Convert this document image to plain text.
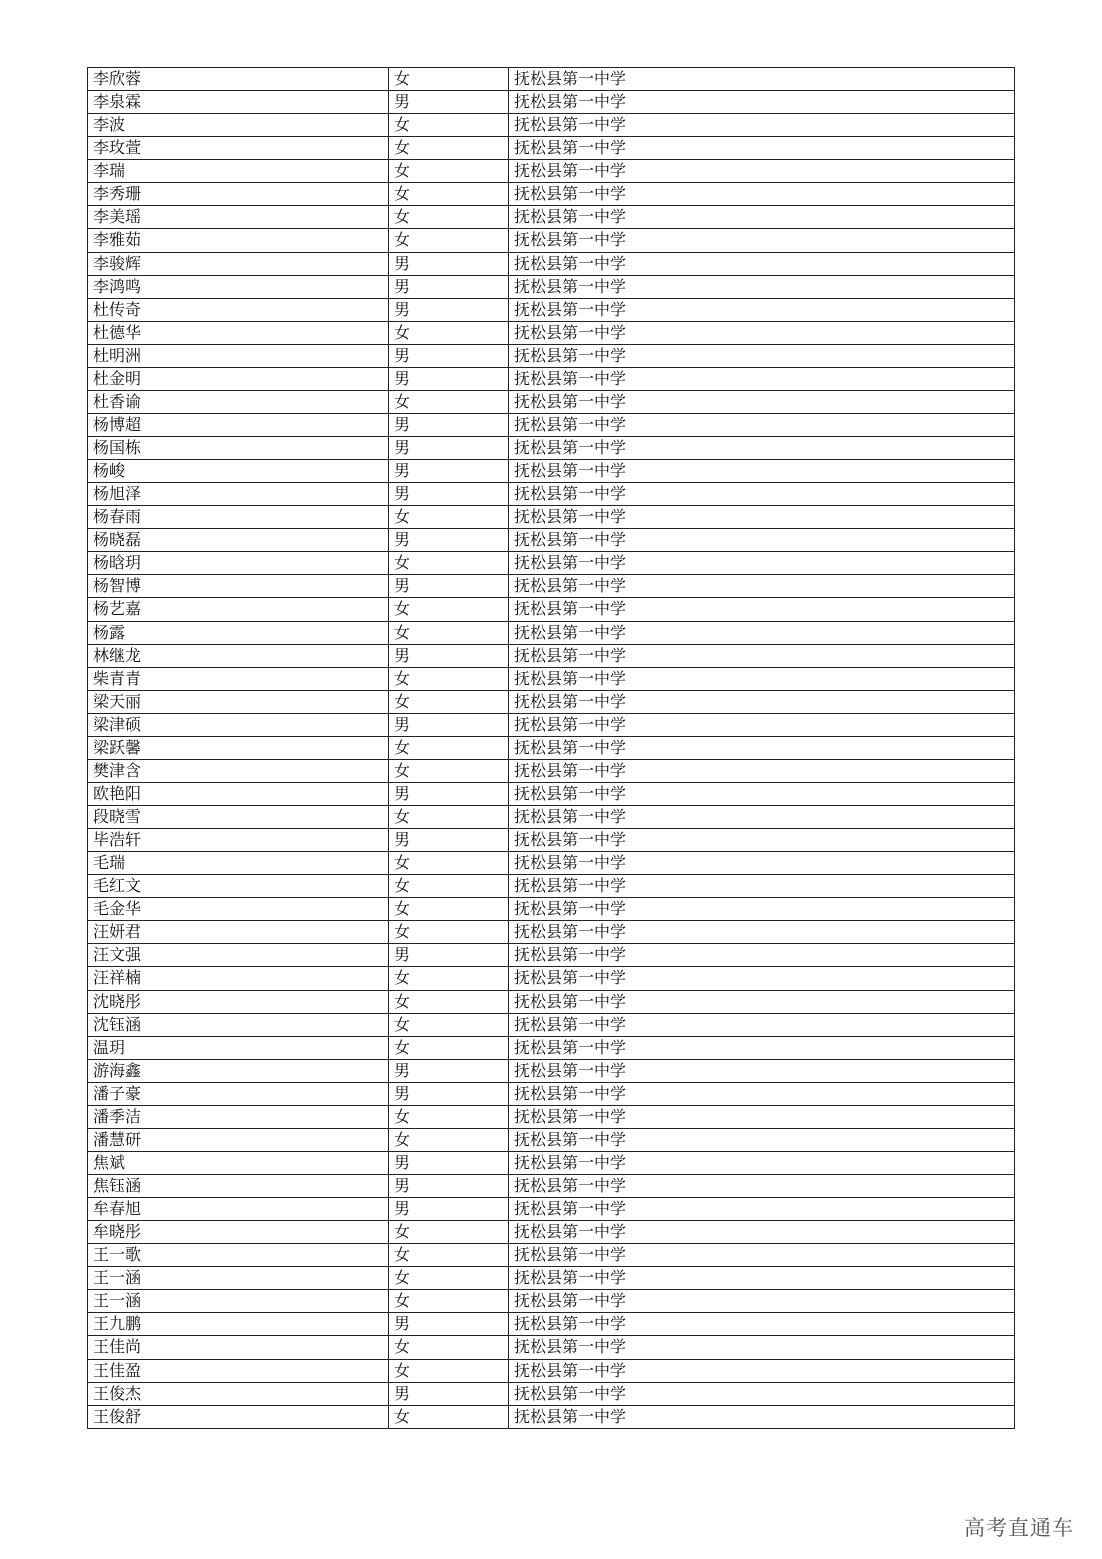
李欣蓉	女	抚松县第一中学
李泉霖	男	抚松县第一中学
李波	女	抚松县第一中学
李玫萱	女	抚松县第一中学
李瑞	女	抚松县第一中学
李秀珊	女	抚松县第一中学
李美瑶	女	抚松县第一中学
李雅茹	女	抚松县第一中学
李骏辉	男	抚松县第一中学
李鸿鸣	男	抚松县第一中学
杜传奇	男	抚松县第一中学
杜德华	女	抚松县第一中学
杜明洲	男	抚松县第一中学
杜金明	男	抚松县第一中学
杜香谕	女	抚松县第一中学
杨博超	男	抚松县第一中学
杨国栋	男	抚松县第一中学
杨峻	男	抚松县第一中学
杨旭泽	男	抚松县第一中学
杨春雨	女	抚松县第一中学
杨晓磊	男	抚松县第一中学
杨晗玥	女	抚松县第一中学
杨智博	男	抚松县第一中学
杨艺嘉	女	抚松县第一中学
杨露	女	抚松县第一中学
林继龙	男	抚松县第一中学
柴青青	女	抚松县第一中学
梁天丽	女	抚松县第一中学
梁津硕	男	抚松县第一中学
梁跃馨	女	抚松县第一中学
樊津含	女	抚松县第一中学
欧艳阳	男	抚松县第一中学
段晓雪	女	抚松县第一中学
毕浩轩	男	抚松县第一中学
毛瑞	女	抚松县第一中学
毛红文	女	抚松县第一中学
毛金华	女	抚松县第一中学
汪妍君	女	抚松县第一中学
汪文强	男	抚松县第一中学
汪祥楠	女	抚松县第一中学
沈晓彤	女	抚松县第一中学
沈钰涵	女	抚松县第一中学
温玥	女	抚松县第一中学
游海鑫	男	抚松县第一中学
潘子豪	男	抚松县第一中学
潘季洁	女	抚松县第一中学
潘慧研	女	抚松县第一中学
焦斌	男	抚松县第一中学
焦钰涵	男	抚松县第一中学
牟春旭	男	抚松县第一中学
牟晓彤	女	抚松县第一中学
王一歌	女	抚松县第一中学
王一涵	女	抚松县第一中学
王一涵	女	抚松县第一中学
王九鹏	男	抚松县第一中学
王佳尚	女	抚松县第一中学
王佳盈	女	抚松县第一中学
王俊杰	男	抚松县第一中学
王俊舒	女	抚松县第一中学
高考直通车
